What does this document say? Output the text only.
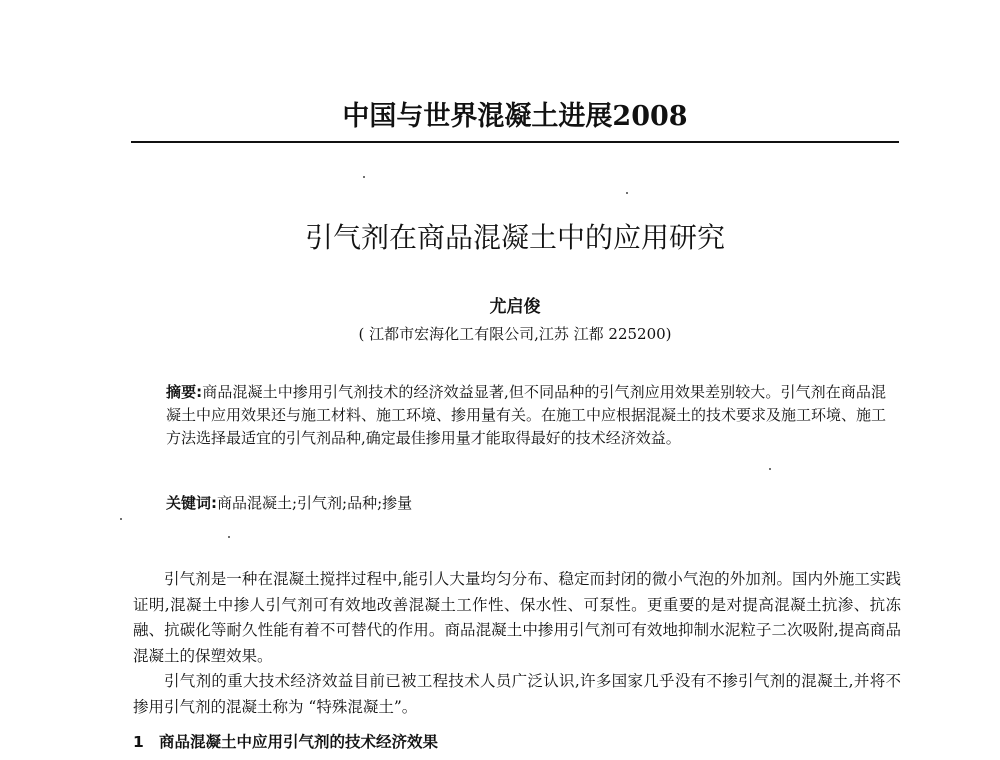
中国与世界混凝土进展2008
引气剂在商品混凝土中的应用研究
尤启俊
( 江都市宏海化工有限公司,江苏 江都 225200)
摘要:商品混凝土中掺用引气剂技术的经济效益显著,但不同品种的引气剂应用效果差别较大。引气剂在商品混凝土中应用效果还与施工材料、施工环境、掺用量有关。在施工中应根据混凝土的技术要求及施工环境、施工方法选择最适宜的引气剂品种,确定最佳掺用量才能取得最好的技术经济效益。
关键词:商品混凝土;引气剂;品种;掺量

引气剂是一种在混凝土搅拌过程中,能引人大量均匀分布、稳定而封闭的微小气泡的外加剂。国内外施工实践证明,混凝土中掺人引气剂可有效地改善混凝土工作性、保水性、可泵性。更重要的是对提高混凝土抗渗、抗冻融、抗碳化等耐久性能有着不可替代的作用。商品混凝土中掺用引气剂可有效地抑制水泥粒子二次吸附,提高商品混凝土的保塑效果。

引气剂的重大技术经济效益目前已被工程技术人员广泛认识,许多国家几乎没有不掺引气剂的混凝土,并将不掺用引气剂的混凝土称为 “特殊混凝土”。

1 商品混凝土中应用引气剂的技术经济效果
